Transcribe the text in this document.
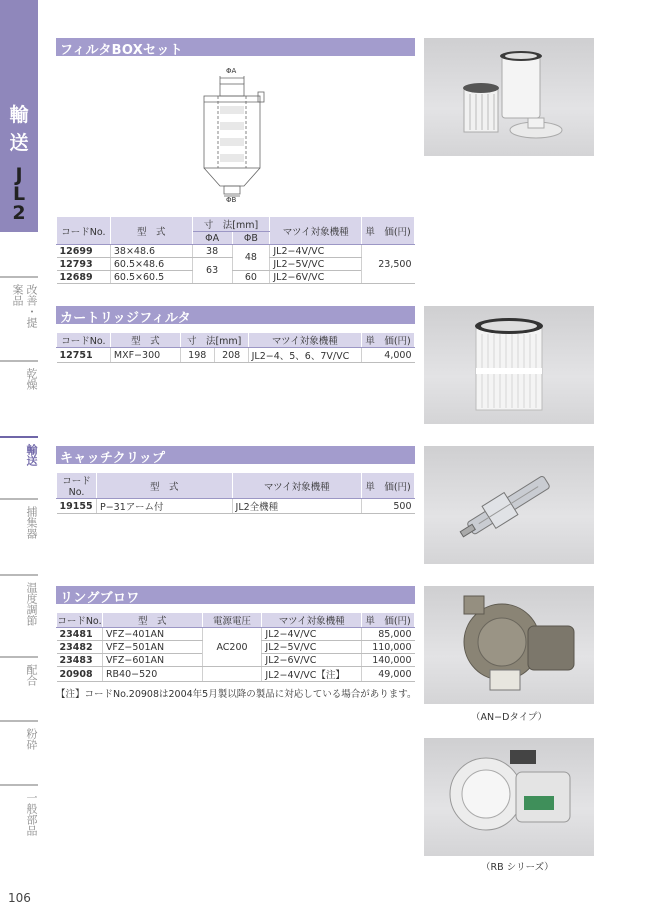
輸
送
J
L
2
改善・提案品
乾燥
輸送
捕集器
温度調節
配合
粉砕
一般部品
106
フィルタBOXセット
ΦA
ΦB
コードNo.	型　式	寸　法[mm]		マツイ対象機種	単　価(円)
		ΦA	ΦB		
12699	38×48.6	38	48	JL2−4V/VC	23,500
12793	60.5×48.6	63		JL2−5V/VC	
12689	60.5×60.5		60	JL2−6V/VC	
カートリッジフィルタ
コードNo.	型　式	寸　法[mm]		マツイ対象機種	単　価(円)
12751	MXF−300	198	208	JL2−4、5、6、7V/VC	4,000
キャッチクリップ
コードNo.	型　式	マツイ対象機種	単　価(円)
19155	P−31アーム付	JL2全機種	500
リングブロワ
コードNo.	型　式	電源電圧	マツイ対象機種	単　価(円)
23481	VFZ−401AN	AC200	JL2−4V/VC	85,000
23482	VFZ−501AN		JL2−5V/VC	110,000
23483	VFZ−601AN		JL2−6V/VC	140,000
20908	RB40−520		JL2−4V/VC【注】	49,000
【注】コードNo.20908は2004年5月製以降の製品に対応している場合があります。
（AN−Dタイプ）
（RB シリーズ）
